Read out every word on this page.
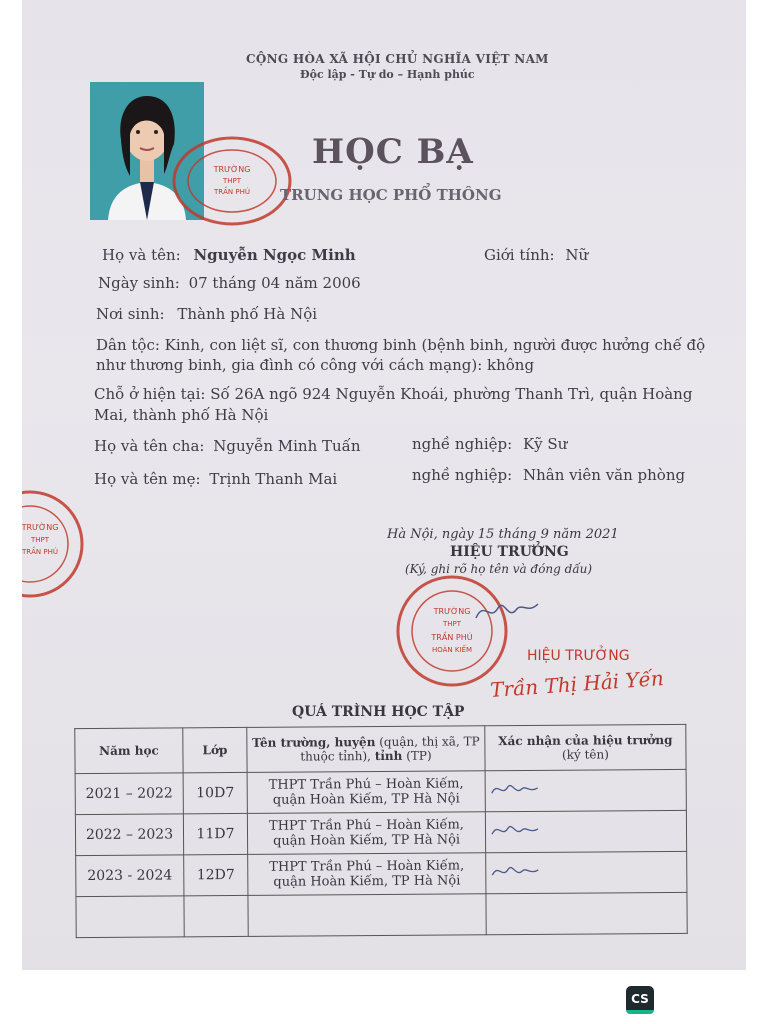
CỘNG HÒA XÃ HỘI CHỦ NGHĨA VIỆT NAM
Độc lập - Tự do – Hạnh phúc
TRƯỜNG
THPT
TRẦN PHÚ
HỌC BẠ
TRUNG HỌC PHỔ THÔNG
Họ và tên: Nguyễn Ngọc Minh	Giới tính: Nữ
Ngày sinh: 07 tháng 04 năm 2006
Nơi sinh: Thành phố Hà Nội
Dân tộc: Kinh, con liệt sĩ, con thương binh (bệnh binh, người được hưởng chế độ
như thương binh, gia đình có công với cách mạng): không
Chỗ ở hiện tại: Số 26A ngõ 924 Nguyễn Khoái, phường Thanh Trì, quận Hoàng
Mai, thành phố Hà Nội
Họ và tên cha: Nguyễn Minh Tuấn	nghề nghiệp: Kỹ Sư
Họ và tên mẹ: Trịnh Thanh Mai	nghề nghiệp: Nhân viên văn phòng
TRƯỜNG
THPT
TRẦN PHÚ
Hà Nội, ngày 15 tháng 9 năm 2021
HIỆU TRƯỞNG
(Ký, ghi rõ họ tên và đóng dấu)
TRƯỜNG
THPT
TRẦN PHÚ
HOÀN KIẾM	HIỆU TRƯỞNG
Trần Thị Hải Yến
QUÁ TRÌNH HỌC TẬP
Năm học	Lớp	Tên trường, huyện (quận, thị xã, TP thuộc tỉnh), tỉnh (TP)	Xác nhận của hiệu trưởng
(ký tên)

2021 – 2022	10D7	THPT Trần Phú – Hoàn Kiếm,
quận Hoàn Kiếm, TP Hà Nội

2022 – 2023	11D7	THPT Trần Phú – Hoàn Kiếm,
quận Hoàn Kiếm, TP Hà Nội

2023 - 2024	12D7	THPT Trần Phú – Hoàn Kiếm,
quận Hoàn Kiếm, TP Hà Nội

CS
